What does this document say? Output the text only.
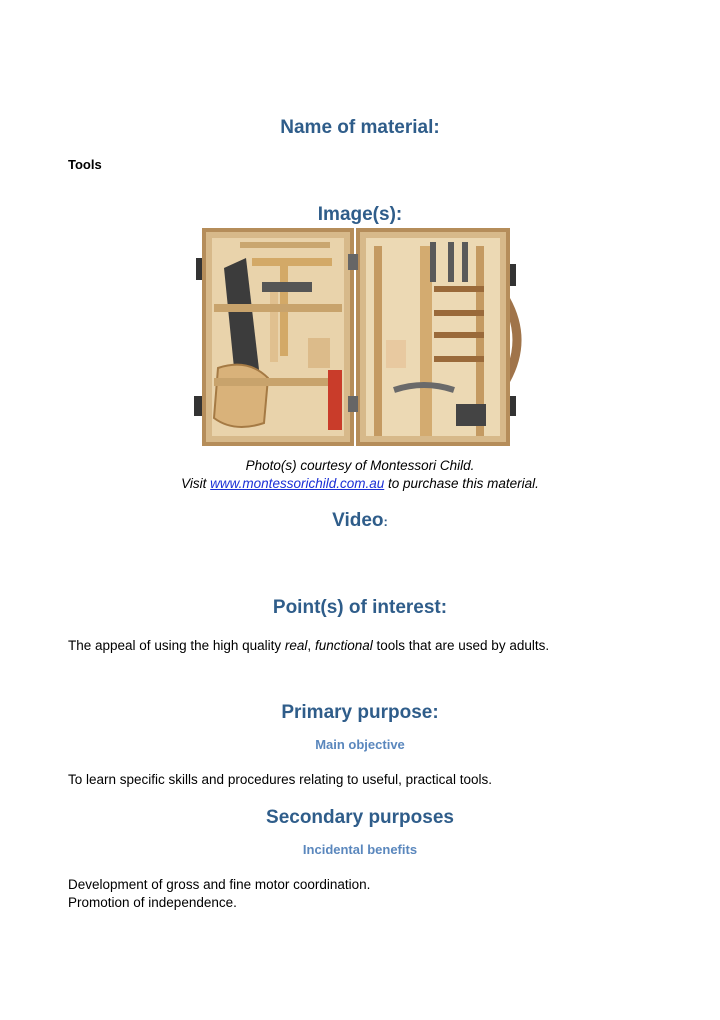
Name of material:

Tools

Image(s):

Photo(s) courtesy of Montessori Child.

Visit www.montessorichild.com.au to purchase this material.

Video:
Point(s) of interest:

The appeal of using the high quality real, functional tools that are used by adults.

Primary purpose:

Main objective

To learn specific skills and procedures relating to useful, practical tools.

Secondary purposes

Incidental benefits

Development of gross and fine motor coordination.

Promotion of independence.
